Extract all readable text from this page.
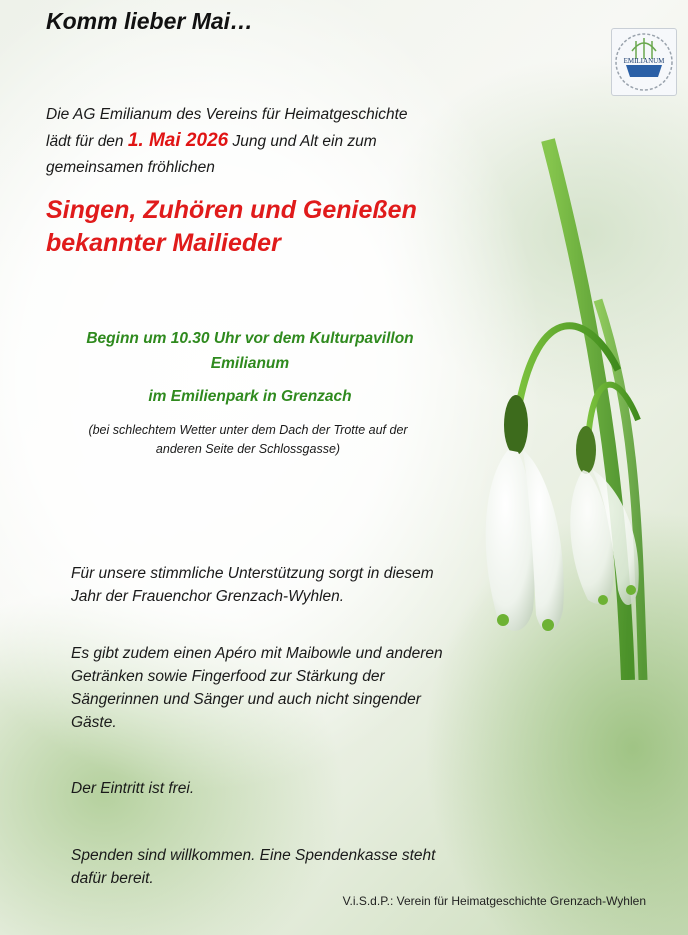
Komm lieber Mai…
EMILIANUM
Die AG Emilianum des Vereins für Heimatgeschichte
lädt für den 1. Mai 2026 Jung und Alt ein zum
gemeinsamen fröhlichen
Singen, Zuhören und Genießen
bekannter Mailieder
Beginn um 10.30 Uhr vor dem Kulturpavillon
Emilianum
im Emilienpark in Grenzach
(bei schlechtem Wetter unter dem Dach der Trotte auf der
anderen Seite der Schlossgasse)
Für unsere stimmliche Unterstützung sorgt in diesem
Jahr der Frauenchor Grenzach-Wyhlen.
Es gibt zudem einen Apéro mit Maibowle und anderen
Getränken sowie Fingerfood zur Stärkung der
Sängerinnen und Sänger und auch nicht singender
Gäste.
Der Eintritt ist frei.
Spenden sind willkommen. Eine Spendenkasse steht
dafür bereit.
V.i.S.d.P.: Verein für Heimatgeschichte Grenzach-Wyhlen
